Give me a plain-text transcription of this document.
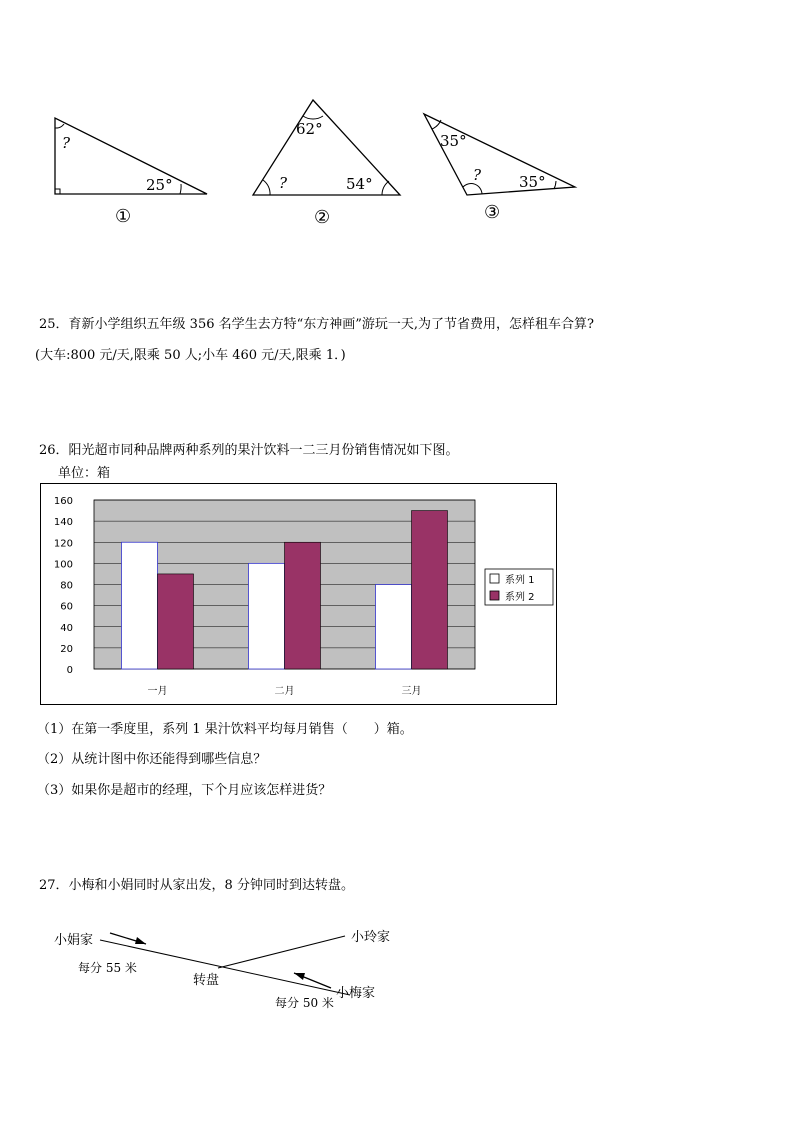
?
25°
①
62°
?	54°
②
35°
?	35°
③
25．育新小学组织五年级 356 名学生去方特“东方神画”游玩一天,为了节省费用，怎样租车合算?
(大车:800 元/天,限乘 50 人;小车 460 元/天,限乘 1．)
26．阳光超市同种品牌两种系列的果汁饮料一二三月份销售情况如下图。
单位：箱
0
20
40
60
80
100
120
140
160
一月	二月	三月
系列 1
系列 2
（1）在第一季度里，系列 1 果汁饮料平均每月销售（　　）箱。
（2）从统计图中你还能得到哪些信息？
（3）如果你是超市的经理，下个月应该怎样进货？
27．小梅和小娟同时从家出发，8 分钟同时到达转盘。
小娟家	小玲家
小梅家
转盘
每分 55 米
每分 50 米
